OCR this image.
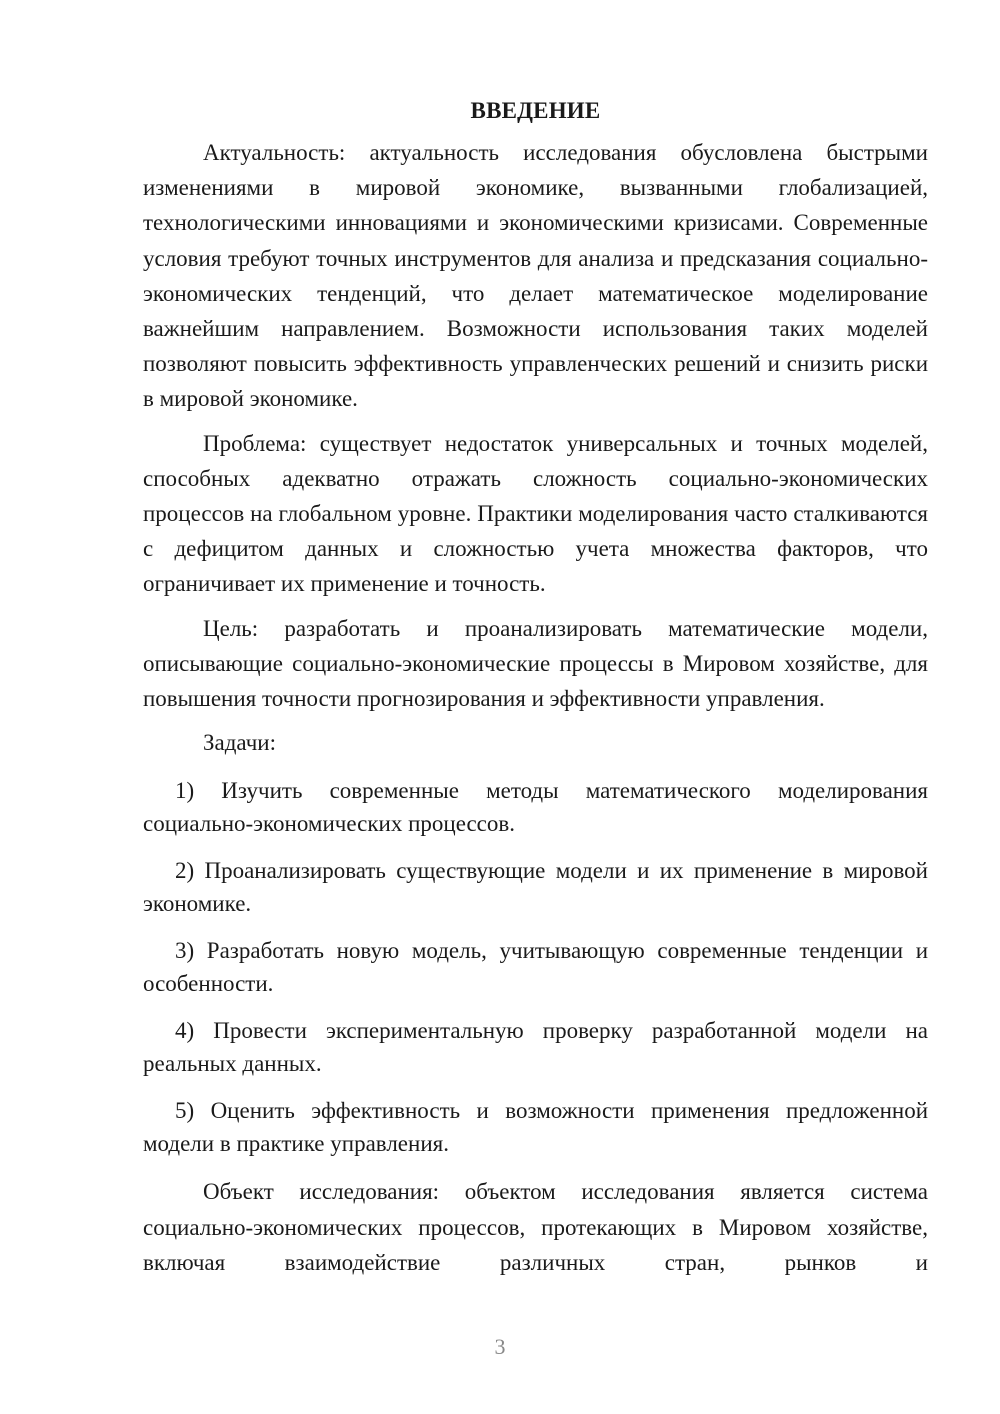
ВВЕДЕНИЕ

Актуальность: актуальность исследования обусловлена быстрыми изменениями в мировой экономике, вызванными глобализацией, технологическими инновациями и экономическими кризисами. Современные условия требуют точных инструментов для анализа и предсказания социально-экономических тенденций, что делает математическое моделирование важнейшим направлением. Возможности использования таких моделей позволяют повысить эффективность управленческих решений и снизить риски в мировой экономике.

Проблема: существует недостаток универсальных и точных моделей, способных адекватно отражать сложность социально-экономических процессов на глобальном уровне. Практики моделирования часто сталкиваются с дефицитом данных и сложностью учета множества факторов, что ограничивает их применение и точность.

Цель: разработать и проанализировать математические модели, описывающие социально-экономические процессы в Мировом хозяйстве, для повышения точности прогнозирования и эффективности управления.

Задачи:

1) Изучить современные методы математического моделирования социально-экономических процессов.

2) Проанализировать существующие модели и их применение в мировой экономике.

3) Разработать новую модель, учитывающую современные тенденции и особенности.

4) Провести экспериментальную проверку разработанной модели на реальных данных.

5) Оценить эффективность и возможности применения предложенной модели в практике управления.

Объект исследования: объектом исследования является система социально-экономических процессов, протекающих в Мировом хозяйстве, включая взаимодействие различных стран, рынков и

3
